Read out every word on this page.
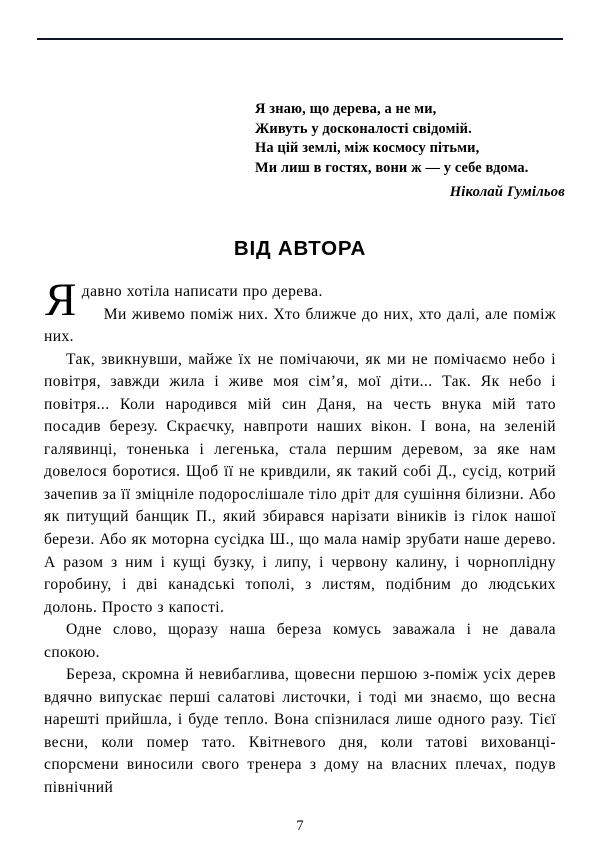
Я знаю, що дерева, а не ми,
Живуть у досконалості свідомій.
На цій землі, між космосу пітьми,
Ми лиш в гостях, вони ж — у себе вдома.
Ніколай Гумільов
ВІД АВТОРА

Ядавно хотіла написати про дерева.

Ми живемо поміж них. Хто ближче до них, хто далі, але поміж них.

Так, звикнувши, майже їх не помічаючи, як ми не помічаємо небо і повітря, завжди жила і живе моя сім’я, мої діти... Так. Як небо і повітря... Коли народився мій син Даня, на честь внука мій тато посадив березу. Скраєчку, навпроти наших вікон. І вона, на зеленій галявинці, тоненька і легенька, стала першим деревом, за яке нам довелося боротися. Щоб її не кривдили, як такий собі Д., сусід, котрий зачепив за її зміцніле подорослішале тіло дріт для сушіння білизни. Або як питущий банщик П., який збирався нарізати віників із гілок нашої берези. Або як моторна сусідка Ш., що мала намір зрубати наше дерево. А разом з ним і кущі бузку, і липу, і червону калину, і чорноплідну горобину, і дві канадські тополі, з листям, подібним до людських долонь. Просто з капості.

Одне слово, щоразу наша береза комусь заважала і не давала спокою.

Береза, скромна й невибаглива, щовесни першою з-поміж усіх дерев вдячно випускає перші салатові листочки, і тоді ми знаємо, що весна нарешті прийшла, і буде тепло. Вона спізнилася лише одного разу. Тієї весни, коли помер тато. Квітневого дня, коли татові вихованці-спорсмени виносили свого тренера з дому на власних плечах, подув північний

7
